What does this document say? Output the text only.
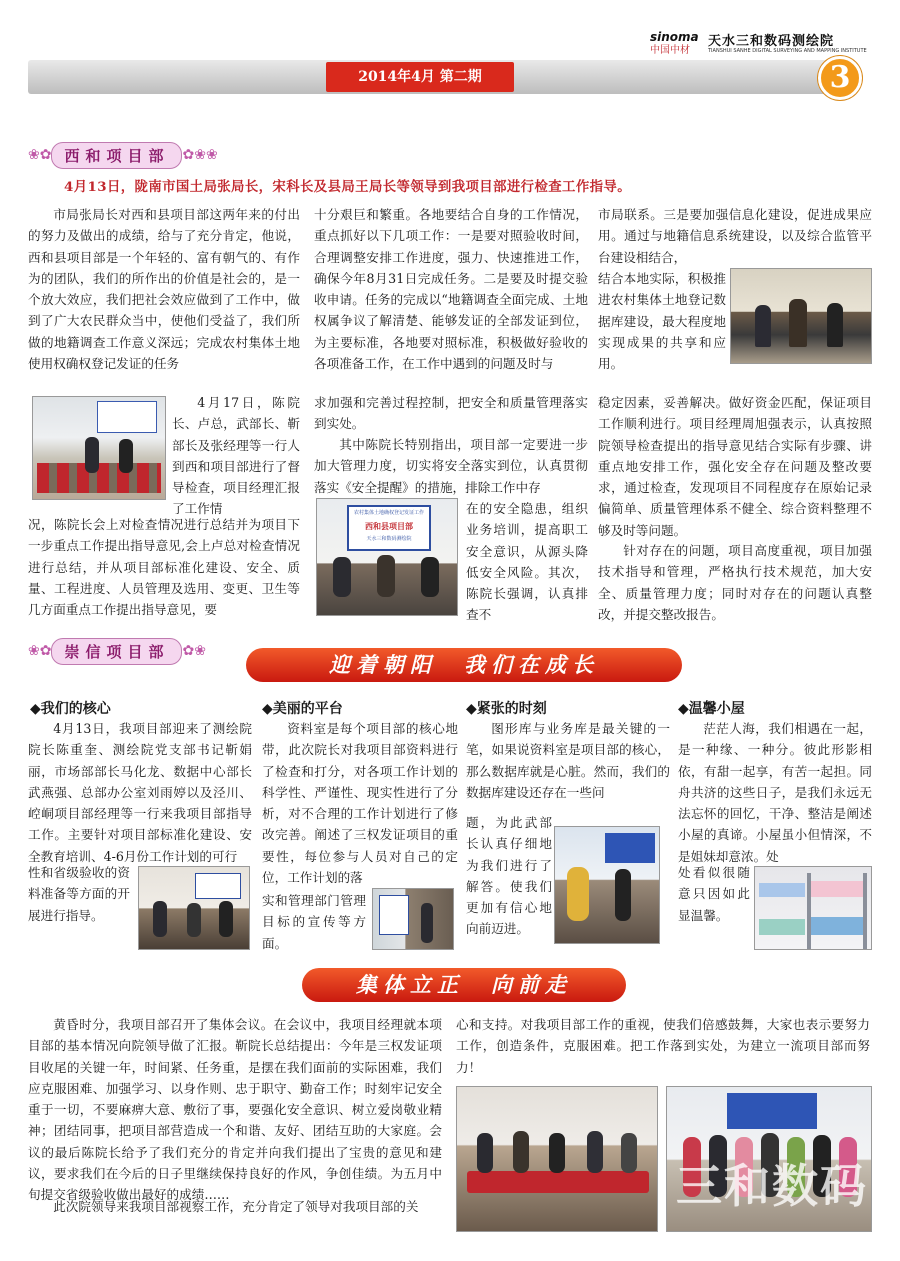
sinoma
中国中材
天水三和数码测绘院
TIANSHUI SANHE DIGITAL SURVEYING AND MAPPING INSTITUTE
2014年4月 第二期	3
❀✿ 西和项目部 ✿❀❀
4月13日，陇南市国土局张局长，宋科长及县局王局长等领导到我项目部进行检查工作指导。
市局张局长对西和县项目部这两年来的付出的努力及做出的成绩，给与了充分肯定，他说，西和县项目部是一个年轻的、富有朝气的、有作为的团队，我们的所作出的价值是社会的，是一个放大效应，我们把社会效应做到了工作中，做到了广大农民群众当中，使他们受益了，我们所做的地籍调查工作意义深远；完成农村集体土地使用权确权登记发证的任务
十分艰巨和繁重。各地要结合自身的工作情况，重点抓好以下几项工作：一是要对照验收时间，合理调整安排工作进度，强力、快速推进工作，确保今年8月31日完成任务。二是要及时提交验收申请。任务的完成以“地籍调查全面完成、土地权属争议了解清楚、能够发证的全部发证到位，为主要标准，各地要对照标准，积极做好验收的各项准备工作，在工作中遇到的问题及时与
市局联系。三是要加强信息化建设，促进成果应用。通过与地籍信息系统建设，以及综合监管平台建设相结合，
结合本地实际，积极推进农村集体土地登记数据库建设，最大程度地实现成果的共享和应用。
4月17日，陈院长、卢总，武部长、靳部长及张经理等一行人到西和项目部进行了督导检查，项目经理汇报了工作情
况，陈院长会上对检查情况进行总结并为项目下一步重点工作提出指导意见,会上卢总对检查情况进行总结，并从项目部标准化建设、安全、质量、工程进度、人员管理及选用、变更、卫生等几方面重点工作提出指导意见，要
求加强和完善过程控制，把安全和质量管理落实到实处。
其中陈院长特别指出，项目部一定要进一步加大管理力度，切实将安全落实到位，认真贯彻落实《安全提醒》的措施，排除工作中存
农村集体土地确权登记发证工作
西和县项目部
天水三和数码测绘院
在的安全隐患，组织业务培训，提高职工安全意识，从源头降低安全风险。其次，陈院长强调，认真排查不
稳定因素，妥善解决。做好资金匹配，保证项目工作顺利进行。项目经理周旭强表示，认真按照院领导检查提出的指导意见结合实际有步骤、讲重点地安排工作，强化安全存在问题及整改要求，通过检查，发现项目不同程度存在原始记录偏简单、质量管理体系不健全、综合资料整理不够及时等问题。
针对存在的问题，项目高度重视，项目加强技术指导和管理，严格执行技术规范，加大安全、质量管理力度；同时对存在的问题认真整改，并提交整改报告。
❀✿ 崇信项目部 ✿❀
迎着朝阳　我们在成长
◆我们的核心	◆美丽的平台	◆紧张的时刻	◆温馨小屋
4月13日，我项目部迎来了测绘院院长陈重奎、测绘院党支部书记靳娟丽，市场部部长马化龙、数据中心部长武燕强、总部办公室刘雨婷以及泾川、崆峒项目部经理等一行来我项目部指导工作。主要针对项目部标准化建设、安全教育培训、4-6月份工作计划的可行
性和省级验收的资料准备等方面的开展进行指导。
资料室是每个项目部的核心地带，此次院长对我项目部资料进行了检查和打分，对各项工作计划的科学性、严谨性、现实性进行了分析，对不合理的工作计划进行了修改完善。阐述了三权发证项目的重要性，每位参与人员对自己的定位，工作计划的落
实和管理部门管理目标的宣传等方面。
图形库与业务库是最关键的一笔，如果说资料室是项目部的核心，那么数据库就是心脏。然而，我们的数据库建设还存在一些问
题，为此武部长认真仔细地为我们进行了解答。使我们更加有信心地向前迈进。
茫茫人海，我们相遇在一起，是一种缘、一种分。彼此形影相依，有甜一起享，有苦一起担。同舟共济的这些日子，是我们永远无法忘怀的回忆，干净、整洁是阐述小屋的真谛。小屋虽小但情深，不是姐妹却意浓。处
处看似很随意只因如此显温馨。
集体立正　向前走
黄昏时分，我项目部召开了集体会议。在会议中，我项目经理就本项目部的基本情况向院领导做了汇报。靳院长总结提出：今年是三权发证项目收尾的关键一年，时间紧、任务重，是摆在我们面前的实际困难，我们应克服困难、加强学习、以身作则、忠于职守、勤奋工作；时刻牢记安全重于一切，不要麻痹大意、敷衍了事，要强化安全意识、树立爱岗敬业精神；团结同事，把项目部营造成一个和谐、友好、团结互助的大家庭。会议的最后陈院长给予了我们充分的肯定并向我们提出了宝贵的意见和建议，要求我们在今后的日子里继续保持良好的作风，争创佳绩。为五月中旬提交省级验收做出最好的成绩……
此次院领导来我项目部视察工作，充分肯定了领导对我项目部的关
心和支持。对我项目部工作的重视，使我们倍感鼓舞，大家也表示要努力工作，创造条件，克服困难。把工作落到实处，为建立一流项目部而努力！
三和数码
